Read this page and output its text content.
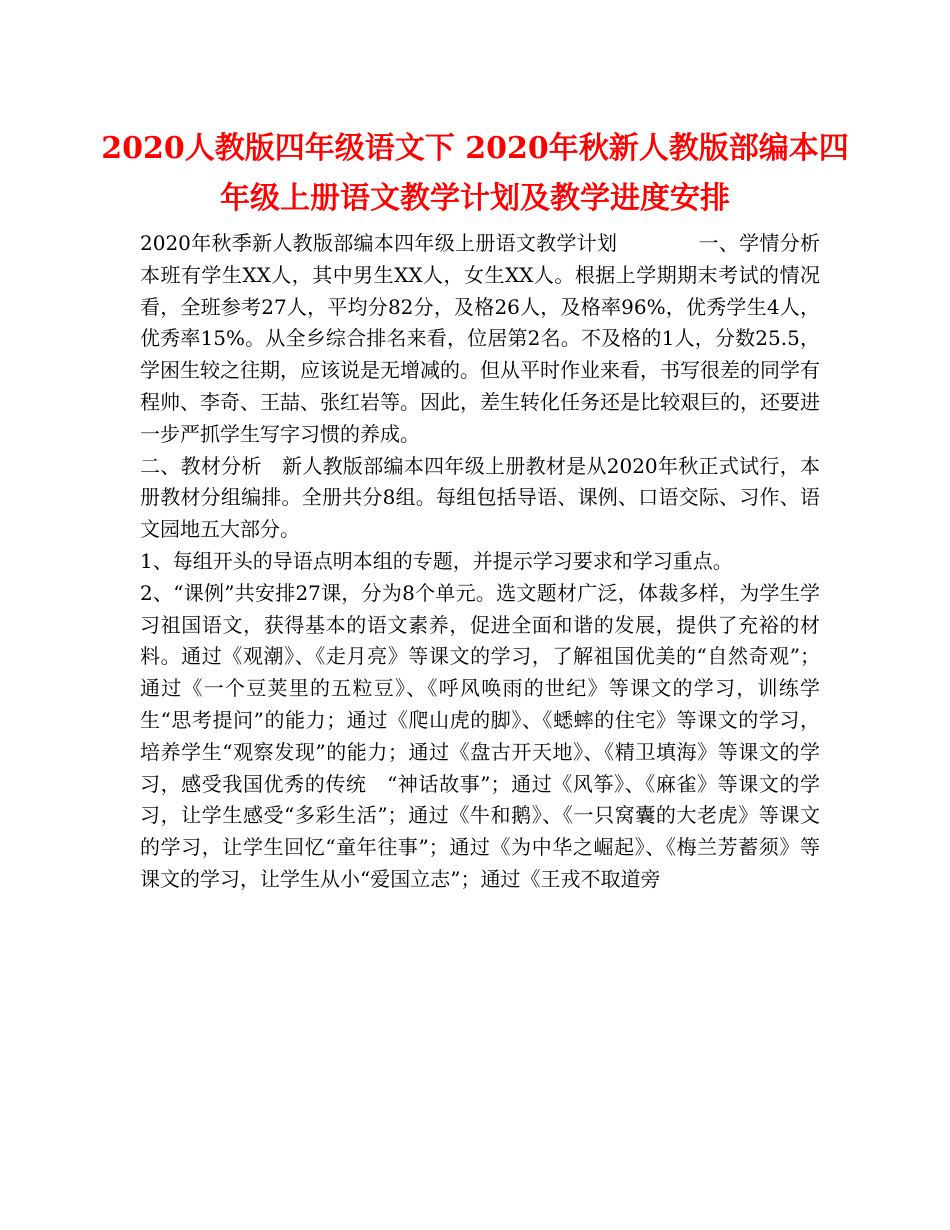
2020人教版四年级语文下 2020年秋新人教版部编本四
年级上册语文教学计划及教学进度安排

2020年秋季新人教版部编本四年级上册语文教学计划　　　　一、学情分析　本班有学生XX人，其中男生XX人，女生XX人。根据上学期期末考试的情况看，全班参考27人，平均分82分，及格26人，及格率96%，优秀学生4人，优秀率15%。从全乡综合排名来看，位居第2名。不及格的1人，分数25.5，学困生较之往期，应该说是无增减的。但从平时作业来看，书写很差的同学有程帅、李奇、王喆、张红岩等。因此，差生转化任务还是比较艰巨的，还要进一步严抓学生写字习惯的养成。

二、教材分析　新人教版部编本四年级上册教材是从2020年秋正式试行，本册教材分组编排。全册共分8组。每组包括导语、课例、口语交际、习作、语文园地五大部分。

1、每组开头的导语点明本组的专题，并提示学习要求和学习重点。

2、“课例”共安排27课，分为8个单元。选文题材广泛，体裁多样，为学生学习祖国语文，获得基本的语文素养，促进全面和谐的发展，提供了充裕的材料。通过《观潮》、《走月亮》等课文的学习，了解祖国优美的“自然奇观”；通过《一个豆荚里的五粒豆》、《呼风唤雨的世纪》等课文的学习，训练学生“思考提问”的能力；通过《爬山虎的脚》、《蟋蟀的住宅》等课文的学习，培养学生“观察发现”的能力；通过《盘古开天地》、《精卫填海》等课文的学习，感受我国优秀的传统　“神话故事”；通过《风筝》、《麻雀》等课文的学习，让学生感受“多彩生活”；通过《牛和鹅》、《一只窝囊的大老虎》等课文的学习，让学生回忆“童年往事”；通过《为中华之崛起》、《梅兰芳蓄须》等课文的学习，让学生从小“爱国立志”；通过《王戎不取道旁
